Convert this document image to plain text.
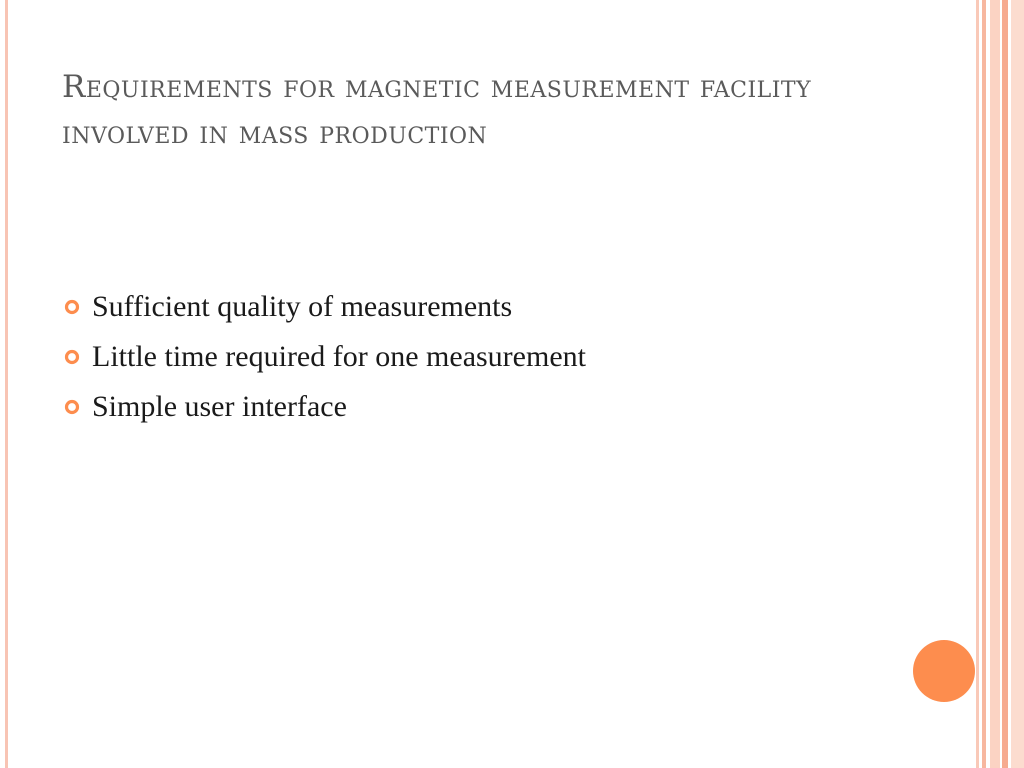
Requirements for magnetic measurement facility involved in mass production
Sufficient quality of measurements
Little time required for one measurement
Simple user interface
